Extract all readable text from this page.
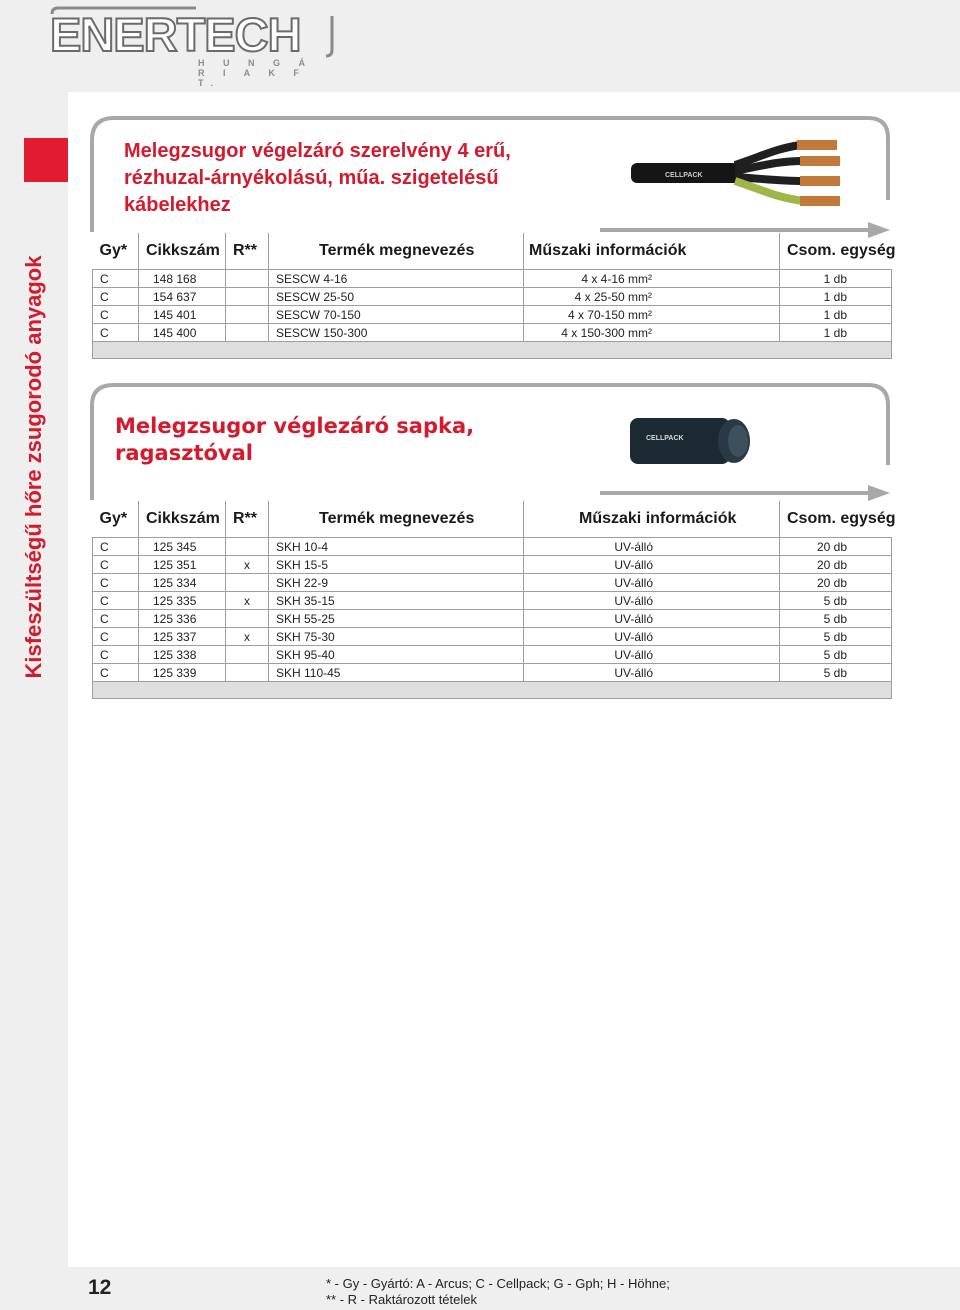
ENERTECH
H U N G Á R I A K F T.
Kisfeszültségű hőre zsugorodó anyagok
Melegzsugor végelzáró szerelvény 4 erű,
rézhuzal-árnyékolású, műa. szigetelésű
kábelekhez
CELLPACK
Gy*	Cikkszám	R**	Termék megnevezés	Műszaki információk	Csom. egység
C	148 168		SESCW 4-16	4 x 4-16 mm²	1 db
C	154 637		SESCW 25-50	4 x 25-50 mm²	1 db
C	145 401		SESCW 70-150	4 x 70-150 mm²	1 db
C	145 400		SESCW 150-300	4 x 150-300 mm²	1 db

Melegzsugor véglezáró sapka,
ragasztóval
CELLPACK
Gy*	Cikkszám	R**	Termék megnevezés	Műszaki információk	Csom. egység
C	125 345		SKH 10-4	UV-álló	20 db
C	125 351	x	SKH 15-5	UV-álló	20 db
C	125 334		SKH 22-9	UV-álló	20 db
C	125 335	x	SKH 35-15	UV-álló	5 db
C	125 336		SKH 55-25	UV-álló	5 db
C	125 337	x	SKH 75-30	UV-álló	5 db
C	125 338		SKH 95-40	UV-álló	5 db
C	125 339		SKH 110-45	UV-álló	5 db

12	* - Gy - Gyártó: A - Arcus; C - Cellpack; G - Gph; H - Höhne;
** - R - Raktározott tételek
